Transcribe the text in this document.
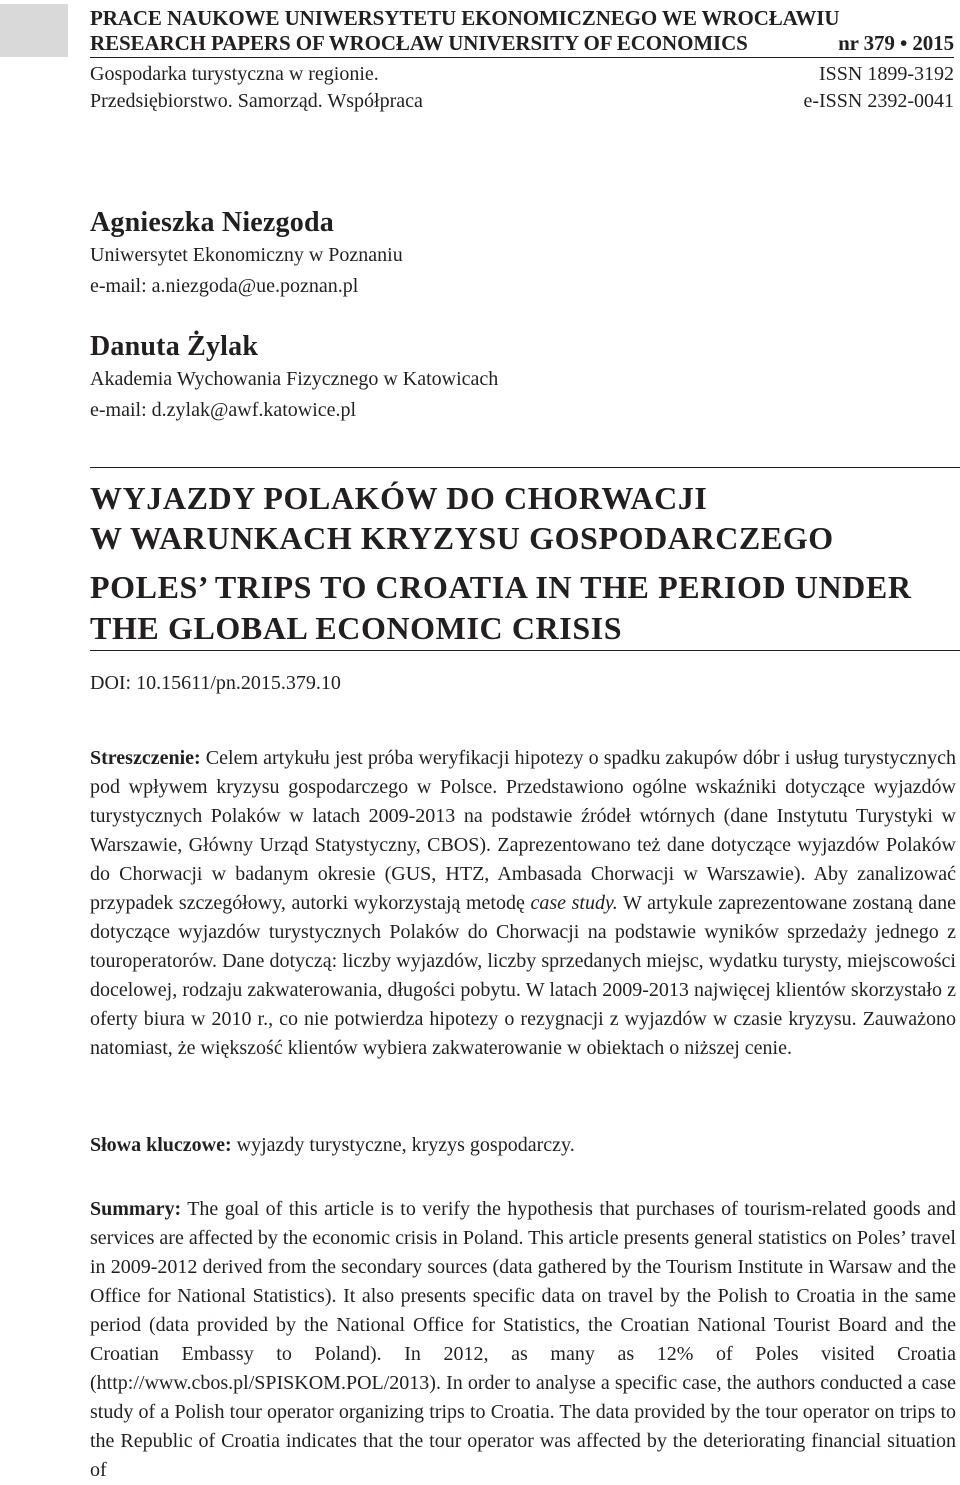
PRACE NAUKOWE UNIWERSYTETU EKONOMICZNEGO WE WROCŁAWIU
RESEARCH PAPERS OF WROCŁAW UNIVERSITY OF ECONOMICS	nr 379 • 2015
Gospodarka turystyczna w regionie.
Przedsiębiorstwo. Samorząd. Współpraca
ISSN 1899-3192
e-ISSN 2392-0041
Agnieszka Niezgoda
Uniwersytet Ekonomiczny w Poznaniu
e-mail: a.niezgoda@ue.poznan.pl
Danuta Żylak
Akademia Wychowania Fizycznego w Katowicach
e-mail: d.zylak@awf.katowice.pl
WYJAZDY POLAKÓW DO CHORWACJI
W WARUNKACH KRYZYSU GOSPODARCZEGO
POLES’ TRIPS TO CROATIA IN THE PERIOD UNDER
THE GLOBAL ECONOMIC CRISIS
DOI: 10.15611/pn.2015.379.10
Streszczenie: Celem artykułu jest próba weryfikacji hipotezy o spadku zakupów dóbr i usług turystycznych pod wpływem kryzysu gospodarczego w Polsce. Przedstawiono ogólne wskaźniki dotyczące wyjazdów turystycznych Polaków w latach 2009-2013 na podstawie źródeł wtórnych (dane Instytutu Turystyki w Warszawie, Główny Urząd Statystyczny, CBOS). Zaprezentowano też dane dotyczące wyjazdów Polaków do Chorwacji w badanym okresie (GUS, HTZ, Ambasada Chorwacji w Warszawie). Aby zanalizować przypadek szczegółowy, autorki wykorzystają metodę case study. W artykule zaprezentowane zostaną dane dotyczące wyjazdów turystycznych Polaków do Chorwacji na podstawie wyników sprzedaży jednego z touroperatorów. Dane dotyczą: liczby wyjazdów, liczby sprzedanych miejsc, wydatku turysty, miejscowości docelowej, rodzaju zakwaterowania, długości pobytu. W latach 2009-2013 najwięcej klientów skorzystało z oferty biura w 2010 r., co nie potwierdza hipotezy o rezygnacji z wyjazdów w czasie kryzysu. Zauważono natomiast, że większość klientów wybiera zakwaterowanie w obiektach o niższej cenie.
Słowa kluczowe: wyjazdy turystyczne, kryzys gospodarczy.
Summary: The goal of this article is to verify the hypothesis that purchases of tourism-related goods and services are affected by the economic crisis in Poland. This article presents general statistics on Poles’ travel in 2009-2012 derived from the secondary sources (data gathered by the Tourism Institute in Warsaw and the Office for National Statistics). It also presents specific data on travel by the Polish to Croatia in the same period (data provided by the National Office for Statistics, the Croatian National Tourist Board and the Croatian Embassy to Poland). In 2012, as many as 12% of Poles visited Croatia (http://www.cbos.pl/SPISKOM.POL/2013). In order to analyse a specific case, the authors conducted a case study of a Polish tour operator organizing trips to Croatia. The data provided by the tour operator on trips to the Republic of Croatia indicates that the tour operator was affected by the deteriorating financial situation of
